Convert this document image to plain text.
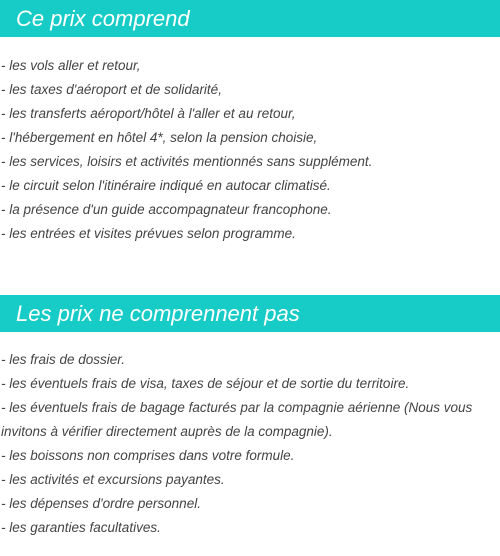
Ce prix comprend
- les vols aller et retour,
- les taxes d'aéroport et de solidarité,
- les transferts aéroport/hôtel à l'aller et au retour,
- l'hébergement en hôtel 4*, selon la pension choisie,
- les services, loisirs et activités mentionnés sans supplément.
- le circuit selon l'itinéraire indiqué en autocar climatisé.
- la présence d'un guide accompagnateur francophone.
- les entrées et visites prévues selon programme.
Les prix ne comprennent pas
- les frais de dossier.
- les éventuels frais de visa, taxes de séjour et de sortie du territoire.
- les éventuels frais de bagage facturés par la compagnie aérienne (Nous vous invitons à vérifier directement auprès de la compagnie).
- les boissons non comprises dans votre formule.
- les activités et excursions payantes.
- les dépenses d'ordre personnel.
- les garanties facultatives.
